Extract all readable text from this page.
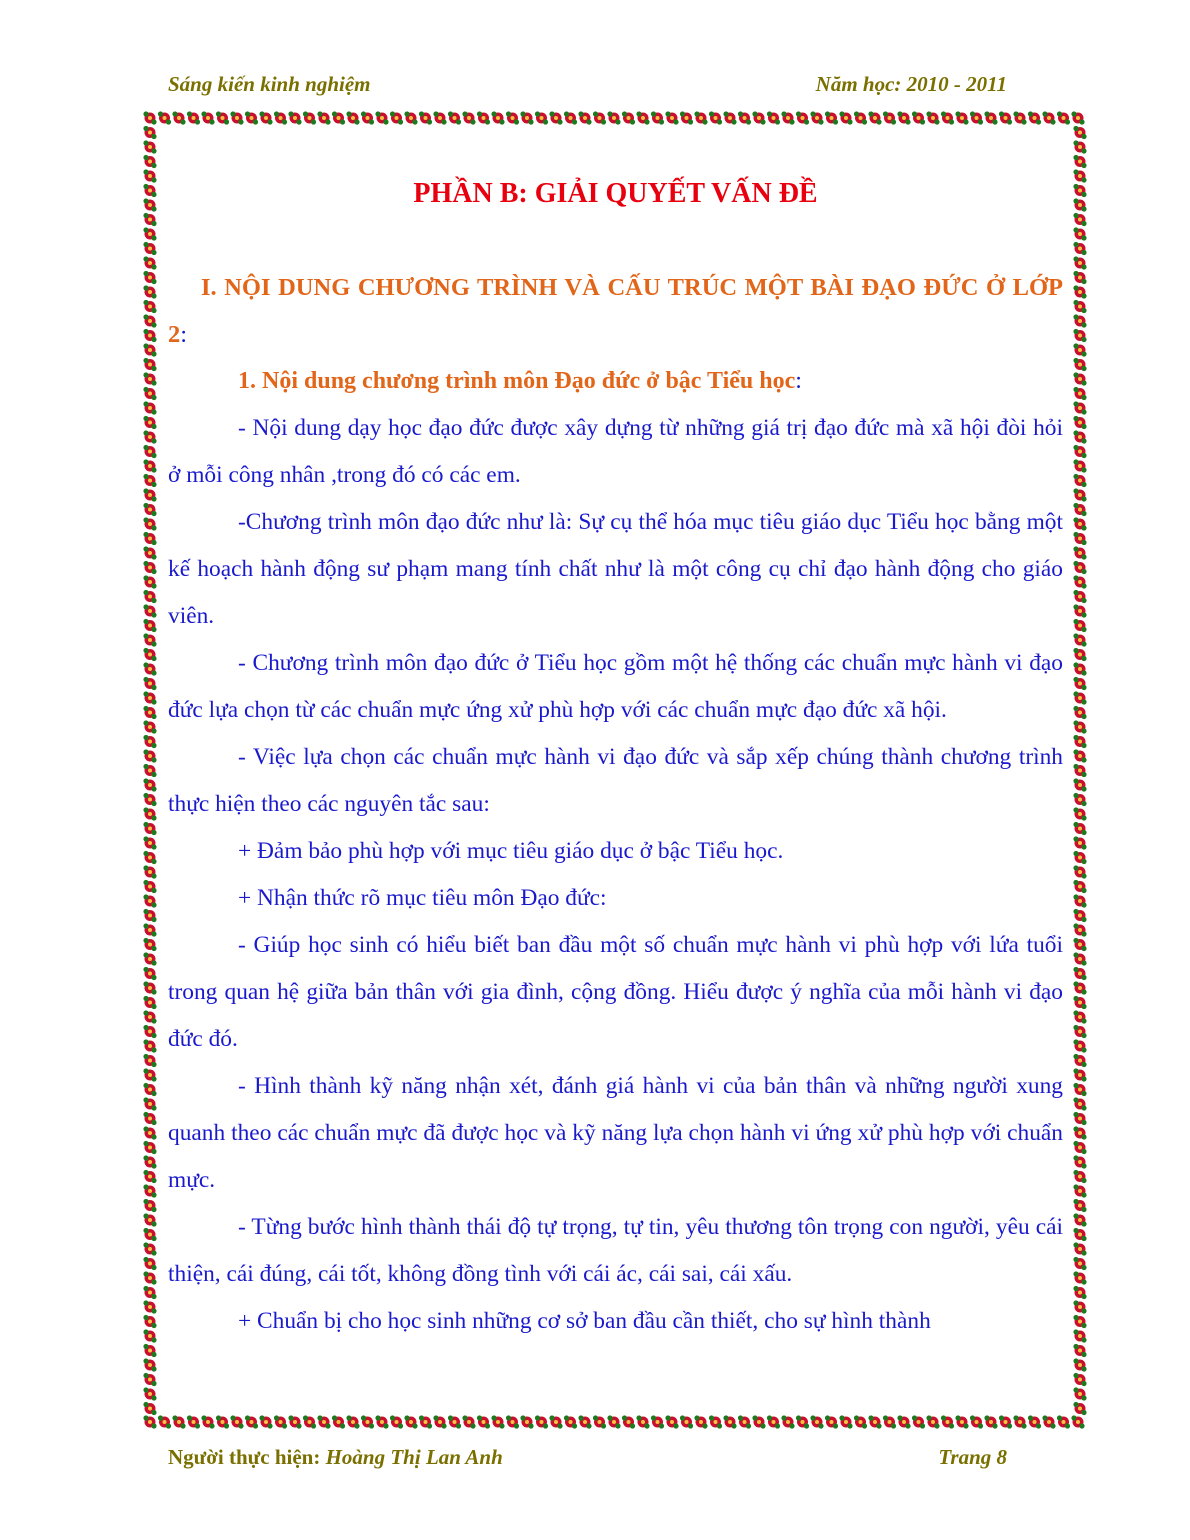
Sáng kiến kinh nghiệm	Năm học: 2010 - 2011
PHẦN B: GIẢI QUYẾT VẤN ĐỀ

I. NỘI DUNG CHƯƠNG TRÌNH VÀ CẤU TRÚC MỘT BÀI ĐẠO ĐỨC Ở LỚP 2:

1. Nội dung chương trình môn Đạo đức ở bậc Tiểu học:

- Nội dung dạy học đạo đức được xây dựng từ những giá trị đạo đức mà xã hội đòi hỏi ở mỗi công nhân ,trong đó có các em.

-Chương trình môn đạo đức như là: Sự cụ thể hóa mục tiêu giáo dục Tiểu học bằng một kế hoạch hành động sư phạm mang tính chất như là một công cụ chỉ đạo hành động cho giáo viên.

- Chương trình môn đạo đức ở Tiểu học gồm một hệ thống các chuẩn mực hành vi đạo đức lựa chọn từ các chuẩn mực ứng xử phù hợp với các chuẩn mực đạo đức xã hội.

- Việc lựa chọn các chuẩn mực hành vi đạo đức và sắp xếp chúng thành chương trình thực hiện theo các nguyên tắc sau:

+ Đảm bảo phù hợp với mục tiêu giáo dục ở bậc Tiểu học.

+ Nhận thức rõ mục tiêu môn Đạo đức:

- Giúp học sinh có hiểu biết ban đầu một số chuẩn mực hành vi phù hợp với lứa tuổi trong quan hệ giữa bản thân với gia đình, cộng đồng. Hiểu được ý nghĩa của mỗi hành vi đạo đức đó.

- Hình thành kỹ năng nhận xét, đánh giá hành vi của bản thân và những người xung quanh theo các chuẩn mực đã được học và kỹ năng lựa chọn hành vi ứng xử phù hợp với chuẩn mực.

- Từng bước hình thành thái độ tự trọng, tự tin, yêu thương tôn trọng con người, yêu cái thiện, cái đúng, cái tốt, không đồng tình với cái ác, cái sai, cái xấu.

+ Chuẩn bị cho học sinh những cơ sở ban đầu cần thiết, cho sự hình thành

Người thực hiện: Hoàng Thị Lan Anh	Trang 8
